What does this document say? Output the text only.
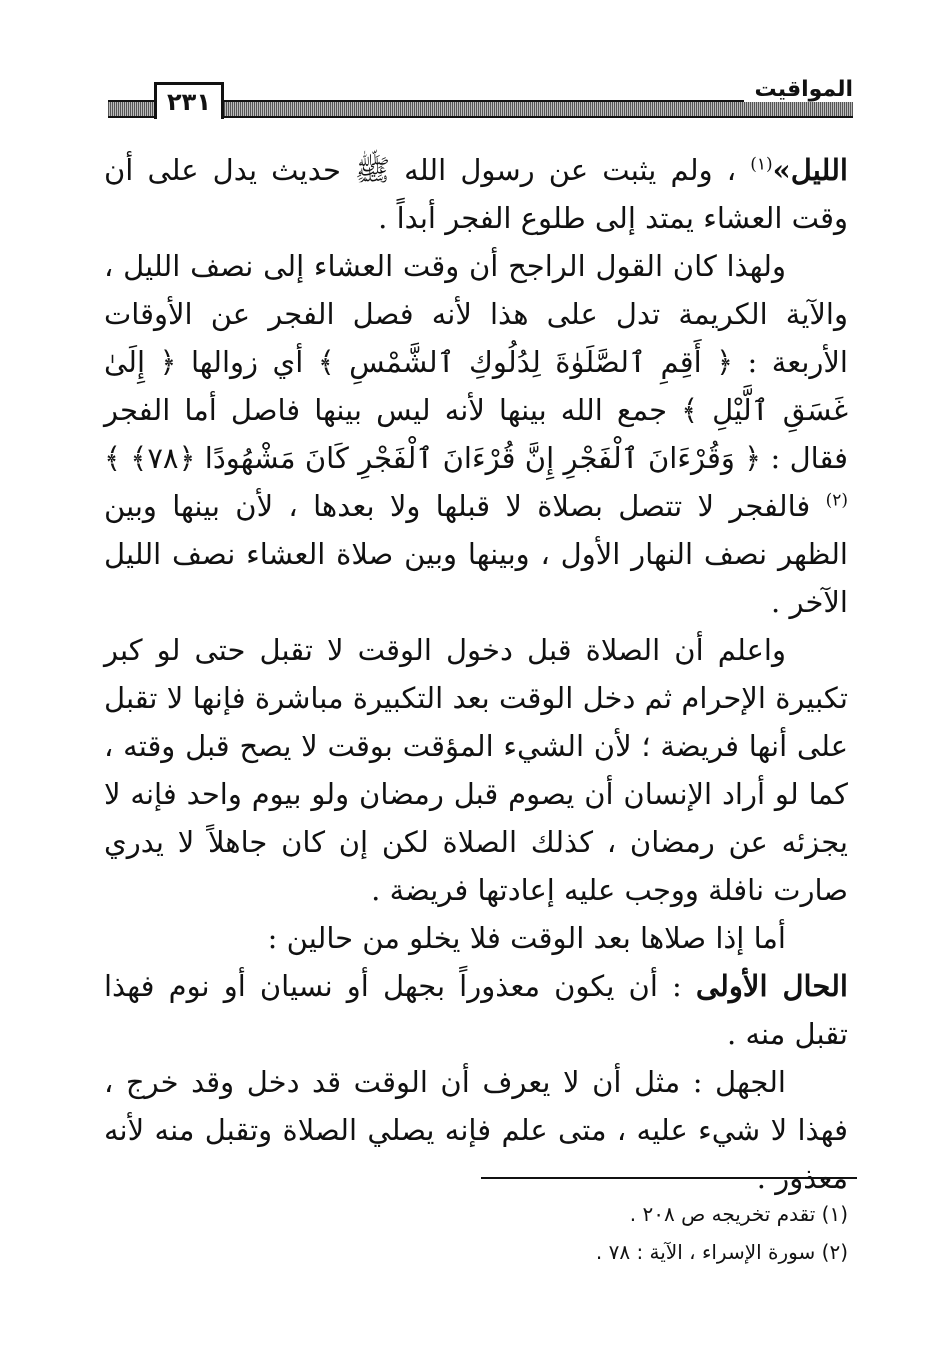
٢٣١	المواقيت

الليل»$^{(١)}$ ، ولم يثبت عن رسول الله ﷺ حديث يدل على أن وقت العشاء يمتد إلى طلوع الفجر أبداً .

ولهذا كان القول الراجح أن وقت العشاء إلى نصف الليل ، والآية الكريمة تدل على هذا لأنه فصل الفجر عن الأوقات الأربعة : ﴿ أَقِمِ ٱلصَّلَوٰةَ لِدُلُوكِ ٱلشَّمْسِ ﴾ أي زوالها ﴿ إِلَىٰ غَسَقِ ٱلَّيْلِ ﴾ جمع الله بينها لأنه ليس بينها فاصل أما الفجر فقال : ﴿ وَقُرْءَانَ ٱلْفَجْرِ إِنَّ قُرْءَانَ ٱلْفَجْرِ كَانَ مَشْهُودًا ﴿٧٨﴾ ﴾$^{(٢)}$ فالفجر لا تتصل بصلاة لا قبلها ولا بعدها ، لأن بينها وبين الظهر نصف النهار الأول ، وبينها وبين صلاة العشاء نصف الليل الآخر .

واعلم أن الصلاة قبل دخول الوقت لا تقبل حتى لو كبر تكبيرة الإحرام ثم دخل الوقت بعد التكبيرة مباشرة فإنها لا تقبل على أنها فريضة ؛ لأن الشيء المؤقت بوقت لا يصح قبل وقته ، كما لو أراد الإنسان أن يصوم قبل رمضان ولو بيوم واحد فإنه لا يجزئه عن رمضان ، كذلك الصلاة لكن إن كان جاهلاً لا يدري صارت نافلة ووجب عليه إعادتها فريضة .

أما إذا صلاها بعد الوقت فلا يخلو من حالين :

الحال الأولى : أن يكون معذوراً بجهل أو نسيان أو نوم فهذا تقبل منه .

الجهل : مثل أن لا يعرف أن الوقت قد دخل وقد خرج ، فهذا لا شيء عليه ، متى علم فإنه يصلي الصلاة وتقبل منه لأنه معذور .

(١) تقدم تخريجه ص ٢٠٨ .

(٢) سورة الإسراء ، الآية : ٧٨ .
